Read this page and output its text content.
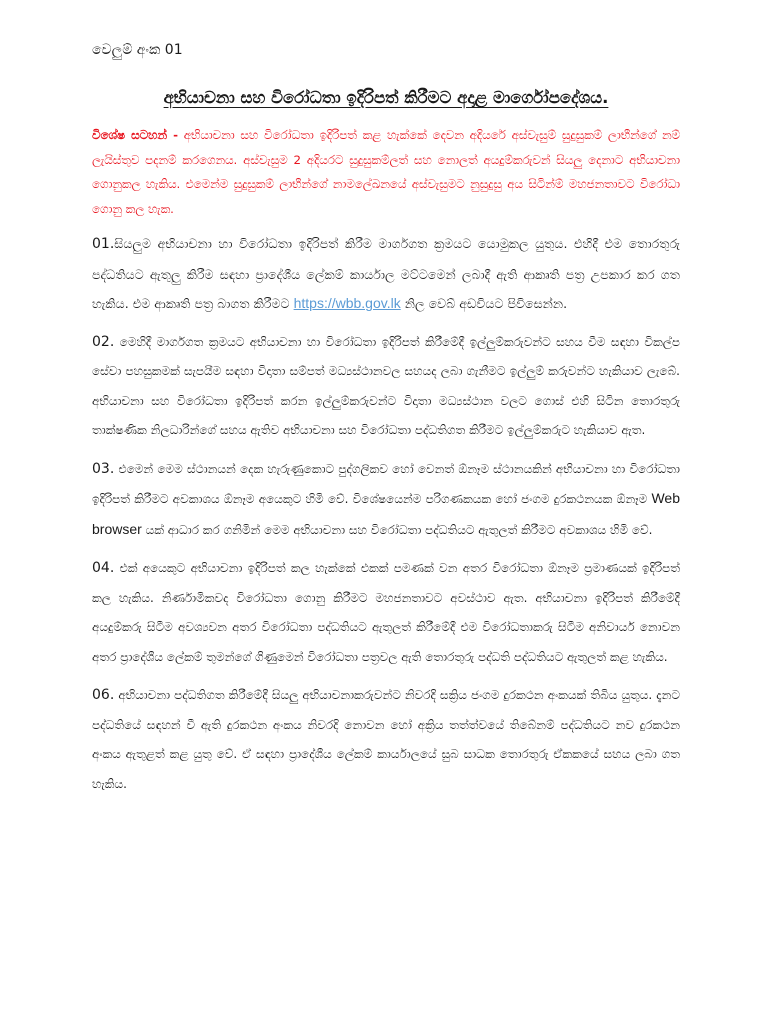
වෙලුම් අංක 01
අභියාචනා සහ විරෝධතා ඉදිරිපත් කිරීමට අදාළ මාර්ගෝපදේශය.

විශේෂ සටහන් - අභියාචනා සහ විරෝධතා ඉදිරිපත් කළ හැක්කේ දෙවන අදියරේ අස්වැසුම් සුදුසුකම් ලාභීන්ගේ නම් ලැයිස්තුව පදනම් කරගෙනය. අස්වැසුම 2 අදියරට සුදුසුකම්ලත් සහ නොලත් අයදුම්කරුවන් සියලු දෙනාට අභියාචනා ගොනුකල හැකිය. එමෙන්ම සුදුසුකම් ලාභීන්ගේ නාමලේඛනයේ අස්වැසුමට නුසුදුසු අය සිටින්ම් මහජනතාවට විරෝධා ගොනු කල හැක.

01.සියලුම අභියාචනා හා විරෝධතා ඉදිරිපත් කිරීම මාර්ගගත ක්‍රමයට යොමුකල යුතුය. එහිදී එම තොරතුරු පද්ධතියට ඇතුලු කිරීම සඳහා ප්‍රාදේශීය ලේකම් කාර්යාල මට්ටමෙන් ලබාදී ඇති ආකෘති පත්‍ර උපකාර කර ගත හැකිය. එම ආකෘති පත්‍ර බාගත කිරීමට https://wbb.gov.lk නිල වෙබ් අඩවියට පිවිසෙන්න.

02. මෙහිදී මාර්ගගත ක්‍රමයට අභියාචනා හා විරෝධතා ඉදිරිපත් කිරීමේදී ඉල්ලුම්කරුවන්ට සහය වීම සඳහා විකල්ප සේවා පහසුකමක් සැපයීම සඳහා විදාතා සම්පත් මධ්‍යස්ථානවල සහයද ලබා ගැනීමට ඉල්ලුම් කරුවන්ට හැකියාව ලැබේ. අභියාචනා සහ විරෝධතා ඉදිරිපත් කරන ඉල්ලුම්කරුවන්ට විදාතා මධ්‍යස්ථාන වලට ගොස් එහි සිටින තොරතුරු තාක්ෂණික නිලධාරින්ගේ සහය ඇතිව අභියාචනා සහ විරෝධතා පද්ධතිගත කිරීමට ඉල්ලුම්කරුට හැකියාව ඇත.

03. එමෙන් මෙම ස්ථානයන් දෙක හැරුණුකොට පුද්ගලිකව හෝ වෙනත් ඕනෑම ස්ථානයකින් අභියාචනා හා විරෝධතා ඉදිරිපත් කිරීමට අවකාශය ඕනෑම අයෙකුට හිමි වේ. විශේෂයෙන්ම පරිගණකයක හෝ ජංගම දුරකථනයක ඕනෑම Web browser යක් ආධාර කර ගනිමින් මෙම අභියාචනා සහ විරෝධතා පද්ධතියට ඇතුලත් කිරීමට අවකාශය හිමි වේ.

04. එක් අයෙකුට අභියාචනා ඉදිරිපත් කල හැක්කේ එකක් පමණක් වන අතර විරෝධතා ඕනෑම ප්‍රමාණයක් ඉදිරිපත් කල හැකිය. නිර්ණාමිකවද විරෝධතා ගොනු කිරීමට මහජනතාවට අවස්ථාව ඇත. අභියාචනා ඉදිරිපත් කිරීමේදී අයදුම්කරු සිටීම අවශ්‍යවන අතර විරෝධතා පද්ධතියට ඇතුලත් කිරීමේදී එම විරෝධතාකරු සිටීම අනිවාර්ය නොවන අතර ප්‍රාදේශීය ලේකම් තුමන්ගේ ගිණුමෙන් විරෝධතා පත්‍රවල ඇති තොරතුරු පද්ධති පද්ධතියට ඇතුලත් කළ හැකිය.

06. අභියාචනා පද්ධතිගත කිරීමේදී සියලු අභියාචනාකරුවන්ට නිවරදි සක්‍රිය ජංගම දුරකථන අංකයක් තිබිය යුතුය. දැනට පද්ධතියේ සඳහන් වී ඇති දුරකථන අංකය නිවරදි නොවන හෝ අක්‍රිය තත්ත්වයේ තිබේනම් පද්ධතියට නව දුරකථන අංකය ඇතුළත් කළ යුතු වේ. ඒ සඳහා ප්‍රාදේශීය ලේකම් කාර්යාලයේ සුබ සාධක තොරතුරු ඒකකයේ සහය ලබා ගත හැකිය.
